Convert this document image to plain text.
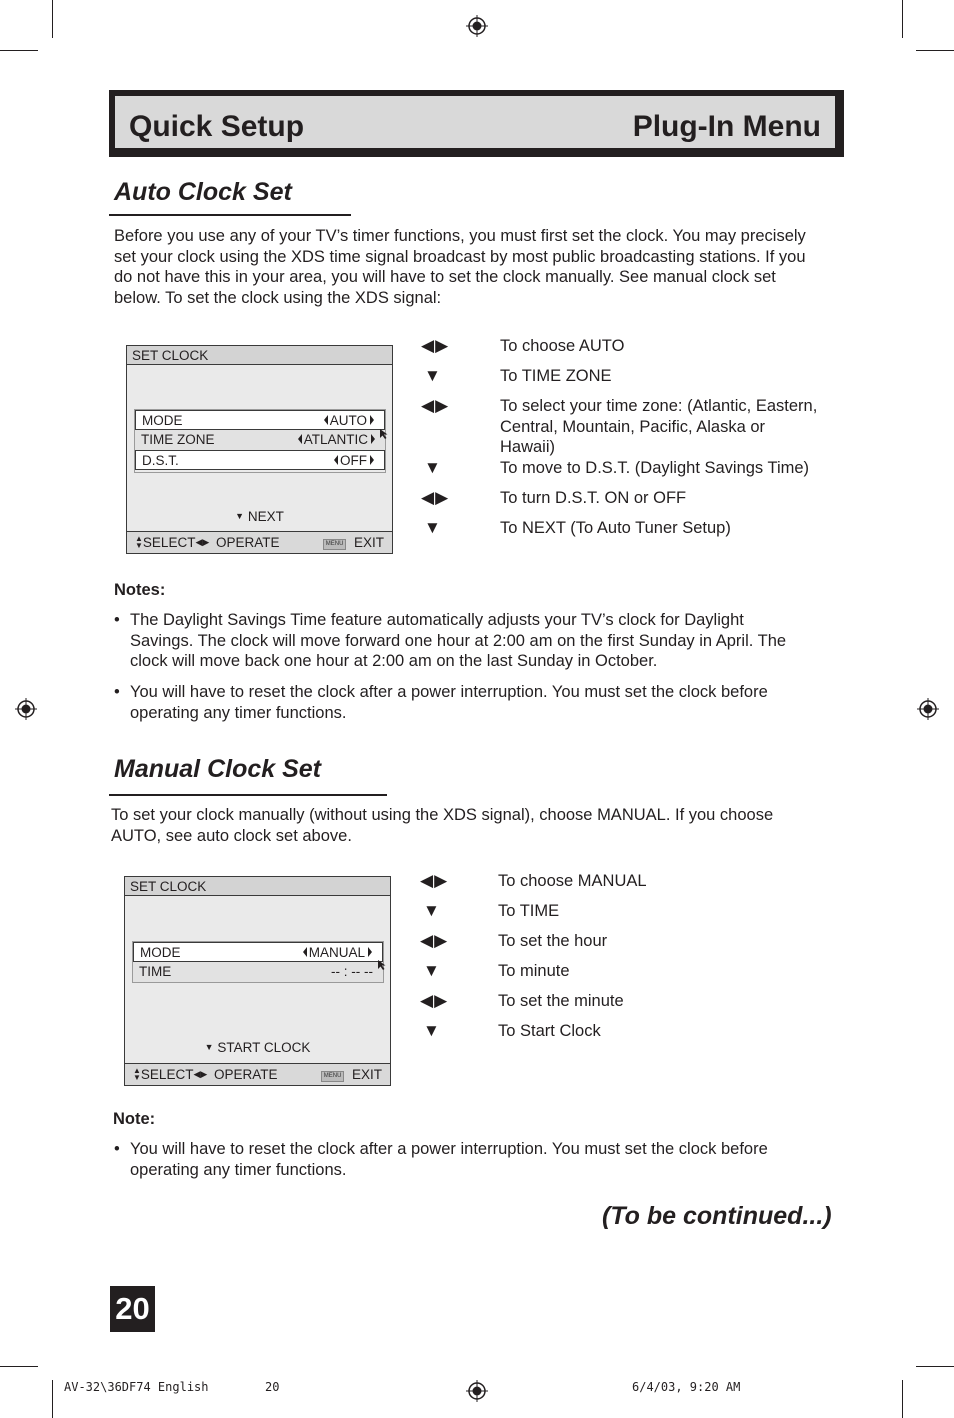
Quick Setup	Plug-In Menu
Auto Clock Set
Before you use any of your TV’s timer functions, you must first set the clock. You may precisely
set your clock using the XDS time signal broadcast by most public broadcasting stations. If you
do not have this in your area, you will have to set the clock manually. See manual clock set
below. To set the clock using the XDS signal:
SET CLOCK
MODE	AUTO
TIME ZONE	ATLANTIC
D.S.T.	OFF
▼ NEXT
▲
▼SELECT◀▶ OPERATE	MENU EXIT
◀▶	To choose AUTO
▼	To TIME ZONE
◀▶	To select your time zone: (Atlantic, Eastern,
Central, Mountain, Pacific, Alaska or
Hawaii)
▼	To move to D.S.T. (Daylight Savings Time)
◀▶	To turn D.S.T. ON or OFF
▼	To NEXT (To Auto Tuner Setup)
Notes:
• The Daylight Savings Time feature automatically adjusts your TV’s clock for Daylight
Savings. The clock will move forward one hour at 2:00 am on the first Sunday in April. The
clock will move back one hour at 2:00 am on the last Sunday in October.
• You will have to reset the clock after a power interruption. You must set the clock before
operating any timer functions.
Manual Clock Set
To set your clock manually (without using the XDS signal), choose MANUAL. If you choose
AUTO, see auto clock set above.
SET CLOCK
MODE	MANUAL
TIME	-- : -- --
▼ START CLOCK
▲
▼SELECT◀▶ OPERATE	MENU EXIT
◀▶	To choose MANUAL
▼	To TIME
◀▶	To set the hour
▼	To minute
◀▶	To set the minute
▼	To Start Clock
Note:
• You will have to reset the clock after a power interruption. You must set the clock before
operating any timer functions.
(To be continued...)
20
AV-32\36DF74 English	20	6/4/03, 9:20 AM
